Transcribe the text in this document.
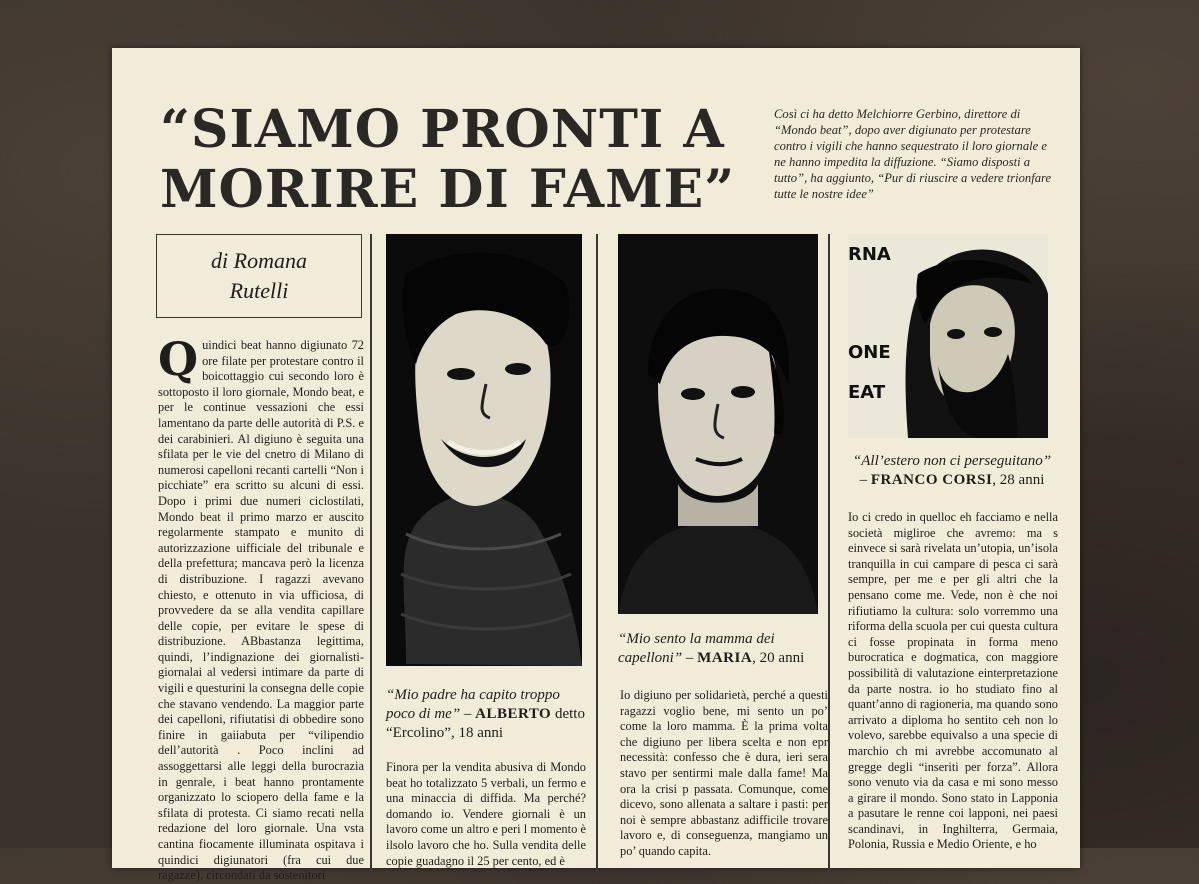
“SIAMO PRONTI A
MORIRE DI FAME”

Così ci ha detto Melchiorre Gerbino, direttore di “Mondo beat”, dopo aver digiunato per protestare contro i vigili che hanno sequestrato il loro giornale e ne hanno impedita la diffuzione. “Siamo disposti a tutto”, ha aggiunto, “Pur di riuscire a vedere trionfare tutte le nostre idee”

di Romana
Rutelli
Quindici beat hanno digiunato 72 ore filate per protestare contro il boicottaggio cui secondo loro è sottoposto il loro giornale, Mondo beat, e per le continue vessazioni che essi lamentano da parte delle autorità di P.S. e dei carabinieri. Al digiuno è seguita una sfilata per le vie del cnetro di Milano di numerosi capelloni recanti cartelli “Non i picchiate” era scritto su alcuni di essi. Dopo i primi due numeri ciclostilati, Mondo beat il primo marzo er auscito regolarmente stampato e munito di autorizzazione uifficiale del tribunale e della prefettura; mancava però la licenza di distribuzione. I ragazzi avevano chiesto, e ottenuto in via ufficiosa, di provvedere da se alla vendita capillare delle copie, per evitare le spese di distribuzione. ABbastanza legittima, quindi, l’indignazione dei giornalisti-giornalai al vedersi intimare da parte di vigili e questurini la consegna delle copie che stavano vendendo. La maggior parte dei capelloni, rifiutatisi di obbedire sono finire in gaiiabuta per “vilipendio dell’autorità . Poco inclini ad assoggettarsi alle leggi della burocrazia in genrale, i beat hanno prontamente organizzato lo sciopero della fame e la sfilata di protesta. Ci siamo recati nella redazione del loro giornale. Una vsta cantina fiocamente illuminata ospitava i quindici digiunatori (fra cui due ragazze), circondati da sostenitori

“Mio padre ha capito troppo poco di me” – ALBERTO detto “Ercolino”, 18 anni

Finora per la vendita abusiva di Mondo beat ho totalizzato 5 verbali, un fermo e una minaccia di diffida. Ma perché? domando io. Vendere giornali è un lavoro come un altro e peri l momento è ilsolo lavoro che ho. Sulla vendita delle copie guadagno il 25 per cento, ed è

“Mio sento la mamma dei capelloni” – MARIA, 20 anni

Io digiuno per solidarietà, perché a questi ragazzi voglio bene, mi sento un po’ come la loro mamma. È la prima volta che digiuno per libera scelta e non epr necessità: confesso che è dura, ieri sera stavo per sentirmi male dalla fame! Ma ora la crisi p passata. Comunque, come dicevo, sono allenata a saltare i pasti: per noi è sempre abbastanz adifficile trovare lavoro e, di conseguenza, mangiamo un po’ quando capita.
RNA
ONE
EAT

“All’estero non ci perseguitano”
– FRANCO CORSI, 28 anni

Io ci credo in quelloc eh facciamo e nella società migliroe che avremo: ma s einvece si sarà rivelata un’utopia, un’isola tranquilla in cui campare di pesca ci sarà sempre, per me e per gli altri che la pensano come me. Vede, non è che noi rifiutiamo la cultura: solo vorremmo una riforma della scuola per cui questa cultura ci fosse propinata in forma meno burocratica e dogmatica, con maggiore possibilità di valutazione einterpretazione da parte nostra. io ho studiato fino al quant’anno di ragioneria, ma quando sono arrivato a diploma ho sentito ceh non lo volevo, sarebbe equivalso a una specie di marchio ch mi avrebbe accomunato al gregge degli “inseriti per forza”. Allora sono venuto via da casa e mi sono messo a girare il mondo. Sono stato in Lapponia a pasutare le renne coi lapponi, nei paesi scandinavi, in Inghilterra, Germaia, Polonia, Russia e Medio Oriente, e ho
